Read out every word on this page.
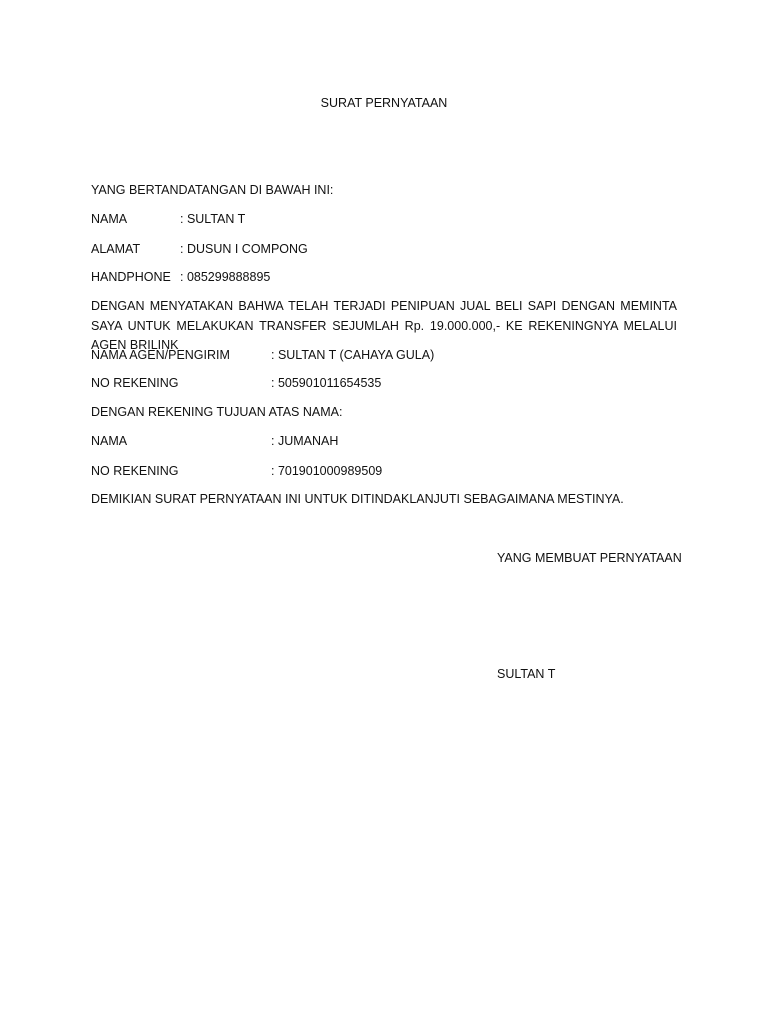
SURAT PERNYATAAN
YANG BERTANDATANGAN DI BAWAH INI:
NAMA	: SULTAN T
ALAMAT	: DUSUN I COMPONG
HANDPHONE : 085299888895
DENGAN MENYATAKAN BAHWA TELAH TERJADI PENIPUAN JUAL BELI SAPI DENGAN MEMINTA SAYA UNTUK MELAKUKAN TRANSFER SEJUMLAH Rp. 19.000.000,- KE REKENINGNYA MELALUI AGEN BRILINK
NAMA AGEN/PENGIRIM	: SULTAN T (CAHAYA GULA)
NO REKENING	: 505901011654535
DENGAN REKENING TUJUAN ATAS NAMA:
NAMA	: JUMANAH
NO REKENING	: 701901000989509
DEMIKIAN SURAT PERNYATAAN INI UNTUK DITINDAKLANJUTI SEBAGAIMANA MESTINYA.
YANG MEMBUAT PERNYATAAN
SULTAN T
